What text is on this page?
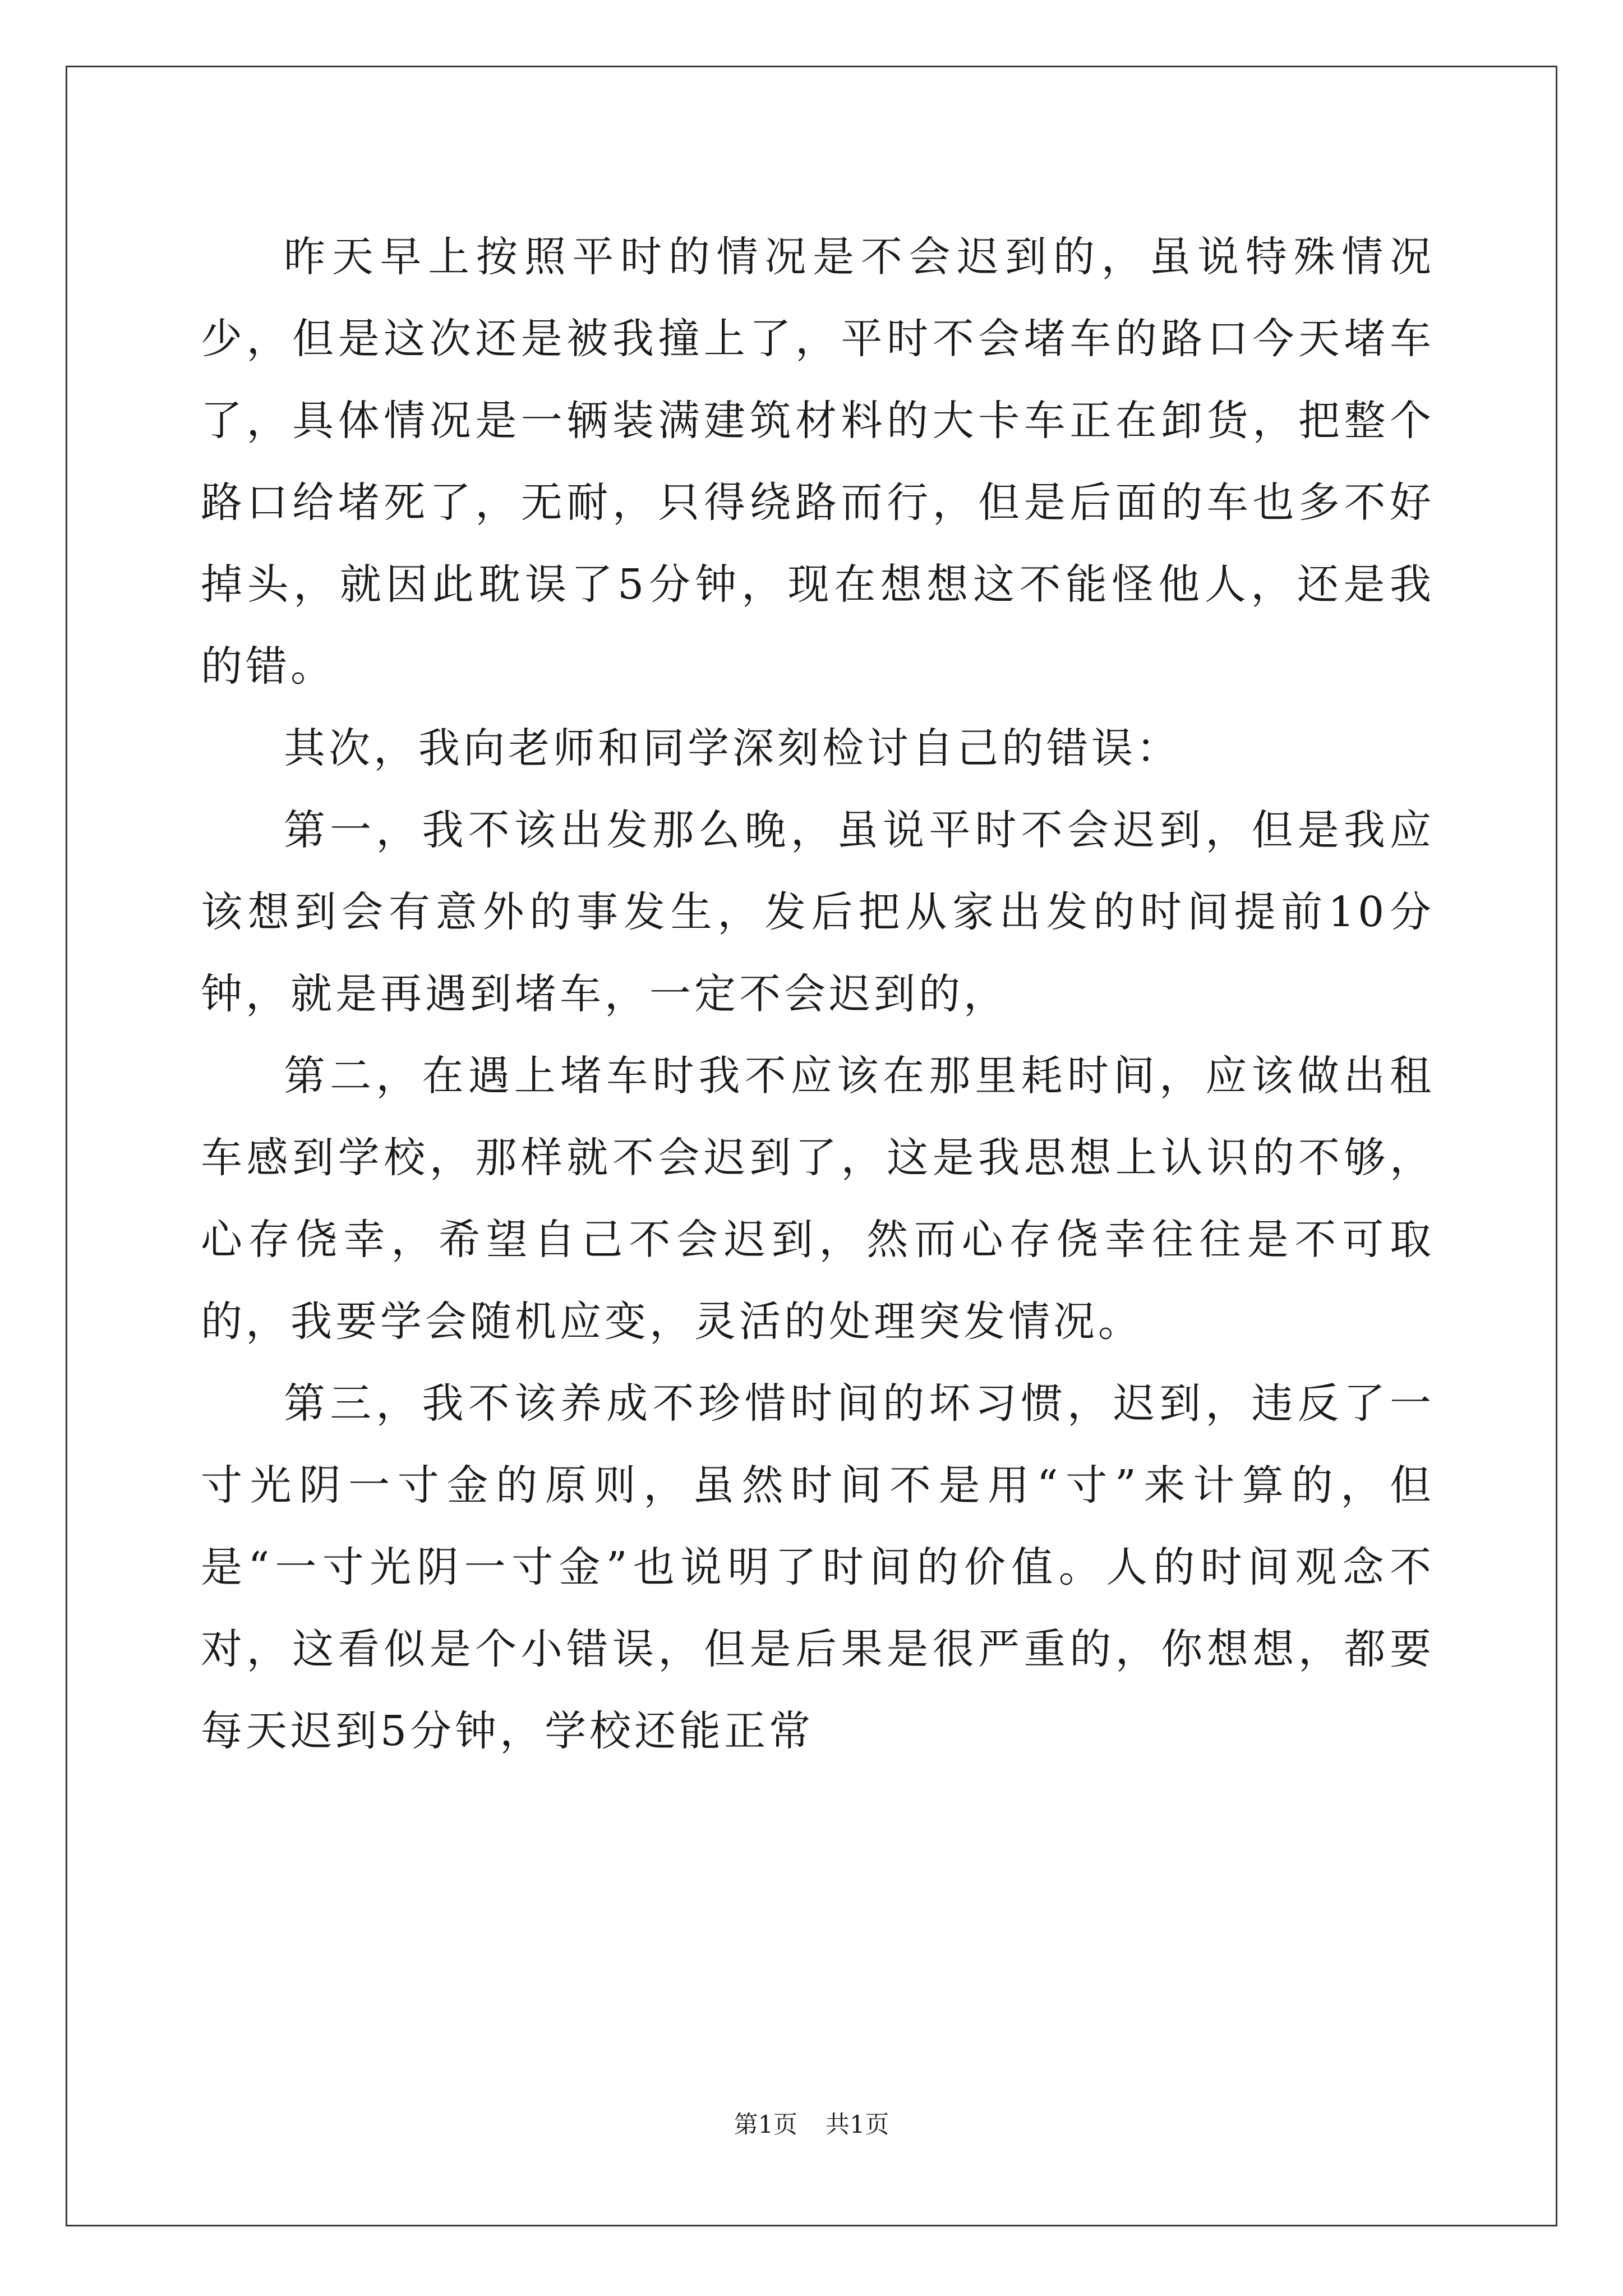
昨天早上按照平时的情况是不会迟到的，虽说特殊情况少，但是这次还是被我撞上了，平时不会堵车的路口今天堵车了，具体情况是一辆装满建筑材料的大卡车正在卸货，把整个路口给堵死了，无耐，只得绕路而行，但是后面的车也多不好掉头，就因此耽误了5分钟，现在想想这不能怪他人，还是我的错。

其次，我向老师和同学深刻检讨自己的错误：

第一，我不该出发那么晚，虽说平时不会迟到，但是我应该想到会有意外的事发生，发后把从家出发的时间提前10分钟，就是再遇到堵车，一定不会迟到的，

第二，在遇上堵车时我不应该在那里耗时间，应该做出租车感到学校，那样就不会迟到了，这是我思想上认识的不够，心存侥幸，希望自己不会迟到，然而心存侥幸往往是不可取的，我要学会随机应变，灵活的处理突发情况。

第三，我不该养成不珍惜时间的坏习惯，迟到，违反了一寸光阴一寸金的原则，虽然时间不是用“寸”来计算的，但是“一寸光阴一寸金”也说明了时间的价值。人的时间观念不对，这看似是个小错误，但是后果是很严重的，你想想，都要每天迟到5分钟，学校还能正常

第1页 共1页
